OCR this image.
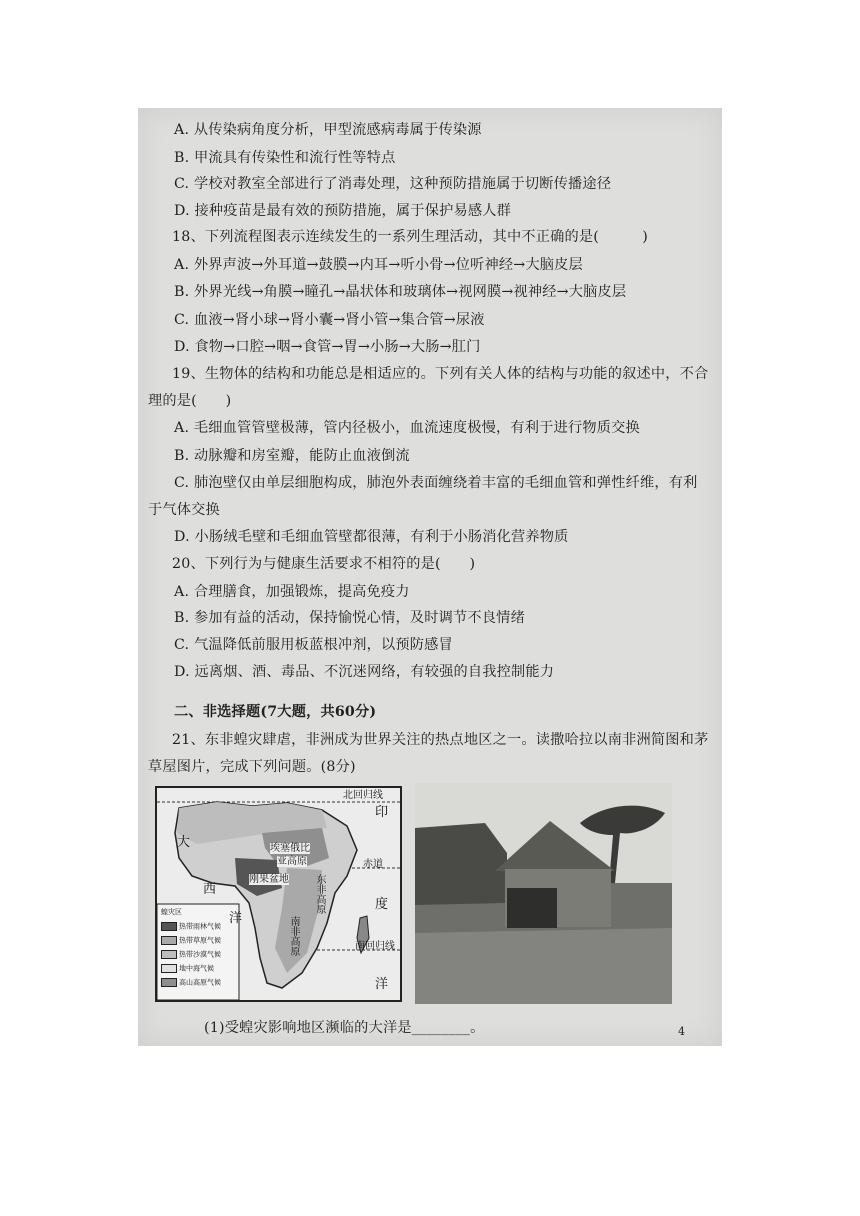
A. 从传染病角度分析，甲型流感病毒属于传染源
B. 甲流具有传染性和流行性等特点
C. 学校对教室全部进行了消毒处理，这种预防措施属于切断传播途径
D. 接种疫苗是最有效的预防措施，属于保护易感人群
18、下列流程图表示连续发生的一系列生理活动，其中不正确的是(　　　)
A. 外界声波→外耳道→鼓膜→内耳→听小骨→位听神经→大脑皮层
B. 外界光线→角膜→瞳孔→晶状体和玻璃体→视网膜→视神经→大脑皮层
C. 血液→肾小球→肾小囊→肾小管→集合管→尿液
D. 食物→口腔→咽→食管→胃→小肠→大肠→肛门
19、生物体的结构和功能总是相适应的。下列有关人体的结构与功能的叙述中，不合
理的是(　　)
A. 毛细血管管壁极薄，管内径极小，血流速度极慢，有利于进行物质交换
B. 动脉瓣和房室瓣，能防止血液倒流
C. 肺泡壁仅由单层细胞构成，肺泡外表面缠绕着丰富的毛细血管和弹性纤维，有利
于气体交换
D. 小肠绒毛壁和毛细血管壁都很薄，有利于小肠消化营养物质
20、下列行为与健康生活要求不相符的是(　　)
A. 合理膳食，加强锻炼，提高免疫力
B. 参加有益的活动，保持愉悦心情，及时调节不良情绪
C. 气温降低前服用板蓝根冲剂，以预防感冒
D. 远离烟、酒、毒品、不沉迷网络，有较强的自我控制能力
二、非选择题(7大题，共60分)
21、东非蝗灾肆虐，非洲成为世界关注的热点地区之一。读撒哈拉以南非洲简图和茅
草屋图片，完成下列问题。(8分)
北回归线
赤道
南回归线
大
西
洋
印
度
洋
埃塞俄比
亚高原
刚果盆地	东非高原
南非高原
蝗灾区
热带雨林气候
热带草原气候
热带沙漠气候
地中海气候
高山高原气候
(1)受蝗灾影响地区濒临的大洋是________。	4
